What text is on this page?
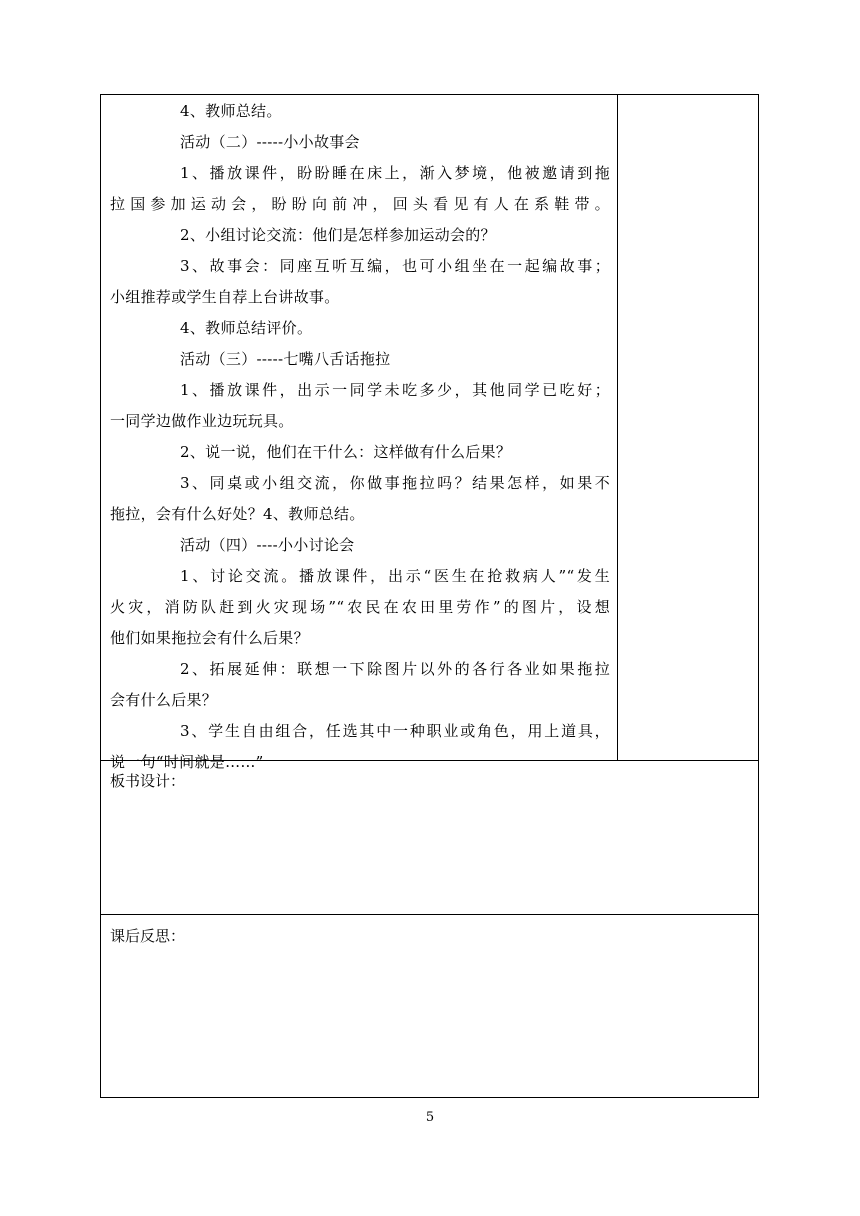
4、教师总结。
活动（二）-----小小故事会
1、播放课件，盼盼睡在床上，渐入梦境，他被邀请到拖
拉国参加运动会，盼盼向前冲，回头看见有人在系鞋带。
2、小组讨论交流：他们是怎样参加运动会的？
3、故事会：同座互听互编，也可小组坐在一起编故事；
小组推荐或学生自荐上台讲故事。
4、教师总结评价。
活动（三）-----七嘴八舌话拖拉
1、播放课件，出示一同学未吃多少，其他同学已吃好；
一同学边做作业边玩玩具。
2、说一说，他们在干什么：这样做有什么后果？
3、同桌或小组交流，你做事拖拉吗？结果怎样，如果不
拖拉，会有什么好处？4、教师总结。
活动（四）----小小讨论会
1、讨论交流。播放课件，出示“医生在抢救病人”“发生
火灾，消防队赶到火灾现场”“农民在农田里劳作”的图片，设想
他们如果拖拉会有什么后果？
2、拓展延伸：联想一下除图片以外的各行各业如果拖拉
会有什么后果？
3、学生自由组合，任选其中一种职业或角色，用上道具，
说一句“时间就是……”
板书设计：
课后反思：
5
